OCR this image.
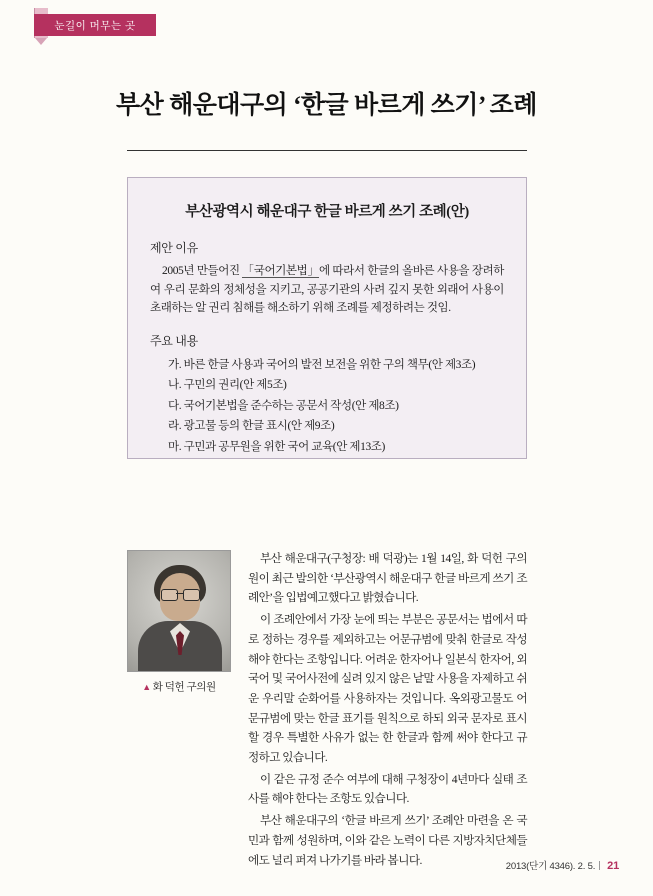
눈길이 머무는 곳
부산 해운대구의 ‘한글 바르게 쓰기’ 조례
부산광역시 해운대구 한글 바르게 쓰기 조례(안)
제안 이유

2005년 만들어진 「국어기본법」에 따라서 한글의 올바른 사용을 장려하여 우리 문화의 정체성을 지키고, 공공기관의 사려 깊지 못한 외래어 사용이 초래하는 알 권리 침해를 해소하기 위해 조례를 제정하려는 것임.

주요 내용
가. 바른 한글 사용과 국어의 발전 보전을 위한 구의 책무(안 제3조)
나. 구민의 권리(안 제5조)
다. 국어기본법을 준수하는 공문서 작성(안 제8조)
라. 광고물 등의 한글 표시(안 제9조)
마. 구민과 공무원을 위한 국어 교육(안 제13조)
▲ 화 덕헌 구의원

부산 해운대구(구청장: 배 덕광)는 1월 14일, 화 덕헌 구의원이 최근 발의한 ‘부산광역시 해운대구 한글 바르게 쓰기 조례안’을 입법예고했다고 밝혔습니다.

이 조례안에서 가장 눈에 띄는 부분은 공문서는 법에서 따로 정하는 경우를 제외하고는 어문규범에 맞춰 한글로 작성해야 한다는 조항입니다. 어려운 한자어나 일본식 한자어, 외국어 및 국어사전에 실려 있지 않은 낱말 사용을 자제하고 쉬운 우리말 순화어를 사용하자는 것입니다. 옥외광고물도 어문규범에 맞는 한글 표기를 원칙으로 하되 외국 문자로 표시할 경우 특별한 사유가 없는 한 한글과 함께 써야 한다고 규정하고 있습니다.

이 같은 규정 준수 여부에 대해 구청장이 4년마다 실태 조사를 해야 한다는 조항도 있습니다.

부산 해운대구의 ‘한글 바르게 쓰기’ 조례안 마련을 온 국민과 함께 성원하며, 이와 같은 노력이 다른 지방자치단체들에도 널리 퍼져 나가기를 바라 봅니다.	2013(단기 4346). 2. 5. 21
